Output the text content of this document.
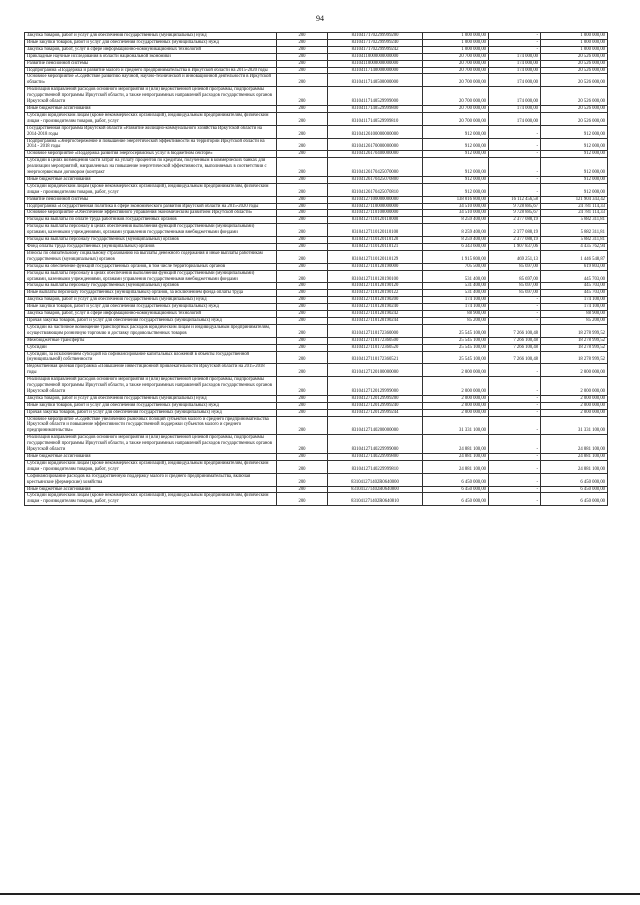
94
Закупка товаров, работ и услуг для обеспечения государственных (муниципальных) нужд	200	83104171702299999200	1 000 000,00	-	1 000 000,00
Иные закупки товаров, работ и услуг для обеспечения государственных (муниципальных) нужд	200	83104171702299999240	1 000 000,00	-	1 000 000,00
Закупка товаров, работ, услуг в сфере информационно-коммуникационных технологий	200	83104171702299999242	1 000 000,00	-	1 000 000,00
Прикладные научные исследования в области национальной экономики	200	83104110000000000000	20 700 000,00	174 000,00	20 526 000,00
Развитие пенсионной системы	200	83104110000000000000	20 700 000,00	174 000,00	20 526 000,00
Подпрограмма «Поддержка и развитие малого и среднего предпринимательства в Иркутской области на 2015-2020 годы	200	83104117140000000000	20 700 000,00	174 000,00	20 526 000,00
Основное мероприятие «Содействие развитию научной, научно-технической и инновационной деятельности в Иркутской области»	200	83104117140500000000	20 700 000,00	174 000,00	20 526 000,00
Реализация направлений расходов основного мероприятия и (или) ведомственной целевой программы, подпрограммы государственной программы Иркутской области, а также непрограммных направлений расходов государственных органов Иркутской области	200	83104117140529999000	20 700 000,00	174 000,00	20 526 000,00
Иные бюджетные ассигнования	200	83104117140529999800	20 700 000,00	174 000,00	20 526 000,00
Субсидии юридическим лицам (кроме некоммерческих организаций), индивидуальным предпринимателям, физическим лицам - производителям товаров, работ, услуг	200	83104117140529999810	20 700 000,00	174 000,00	20 526 000,00
Государственная программа Иркутской области «Развитие жилищно-коммунального хозяйства Иркутской области на 2014-2018 годы	200	83104126100000000000	912 000,00	-	912 000,00
Подпрограмма «Энергосбережение и повышение энергетической эффективности на территории Иркутской области на 2014 - 2018 годы	200	83104126170000000000	912 000,00	-	912 000,00
Основное мероприятие «Поддержка развития энергосервисных услуг в бюджетном секторе»	200	83104126170400000000	912 000,00	-	912 000,00
Субсидии в целях возмещения части затрат на уплату процентов по кредитам, полученным в коммерческих банках для реализации мероприятий, направленных на повышение энергетической эффективности, выполняемых в соответствии с энергосервисным договором (контракт	200	83104126170425070000	912 000,00	-	912 000,00
Иные бюджетные ассигнования	200	83104126170425070800	912 000,00	-	912 000,00
Субсидии юридическим лицам (кроме некоммерческих организаций), индивидуальным предпринимателям, физическим лицам - производителям товаров, работ, услуг	200	83104126170425070810	912 000,00	-	912 000,00
Развитие пенсионной системы	200	83104127100000000000	138 016 800,00	16 112 456,58	121 904 343,42
Подпрограмма «Государственная политика в сфере экономического развития Иркутской области на 2015-2020 годы	200	83104127110000000000	34 510 000,00	9 728 885,67	24 781 114,33
Основное мероприятие «Обеспечение эффективного управления экономическим развитием Иркутской области»	200	83104127110100000000	34 510 000,00	9 728 885,67	24 781 114,33
Расходы на выплаты по оплате труда работников государственных органов	200	83104127110120110000	8 259 400,00	2 377 088,19	5 882 311,81
Расходы на выплаты персоналу в целях обеспечения выполнения функций государственными (муниципальными) органами, казенными учреждениями, органами управления государственными внебюджетными фондами	200	83104127110120110100	8 259 400,00	2 377 088,19	5 882 311,81
Расходы на выплаты персоналу государственных (муниципальных) органов	200	83104127110120110120	8 259 400,00	2 377 088,19	5 882 311,81
Фонд оплаты труда государственных (муниципальных) органов	200	83104127110120110121	6 343 600,00	1 907 837,06	4 435 762,94
Взносы по обязательному социальному страхованию на выплаты денежного содержания и иные выплаты работникам государственных (муниципальных) органов	200	83104127110120110129	1 915 800,00	469 251,13	1 446 548,87
Расходы на обеспечение функций государственных органов, в том числе территориальных органов	200	83104127110120190000	705 500,00	85 697,00	619 803,00
Расходы на выплаты персоналу в целях обеспечения выполнения функций государственными (муниципальными) органами, казенными учреждениями, органами управления государственными внебюджетными фондами	200	83104127110120190100	531 400,00	85 697,00	445 703,00
Расходы на выплаты персоналу государственных (муниципальных) органов	200	83104127110120190120	531 400,00	85 697,00	445 703,00
Иные выплаты персоналу государственных (муниципальных) органов, за исключением фонда оплаты труда	200	83104127110120190122	531 400,00	85 697,00	445 703,00
Закупка товаров, работ и услуг для обеспечения государственных (муниципальных) нужд	200	83104127110120190200	174 100,00	-	174 100,00
Иные закупки товаров, работ и услуг для обеспечения государственных (муниципальных) нужд	200	83104127110120190240	174 100,00	-	174 100,00
Закупка товаров, работ, услуг в сфере информационно-коммуникационных технологий	200	83104127110120190242	88 900,00	-	88 900,00
Прочая закупка товаров, работ и услуг для обеспечения государственных (муниципальных) нужд	200	83104127110120190244	85 200,00	-	85 200,00
Субсидии на частичное возмещение транспортных расходов юридическим лицам и индивидуальным предпринимателям, осуществляющим розничную торговлю и доставку продовольственных товаров	200	83104127110172360000	25 545 100,00	7 266 100,48	18 278 999,52
Межбюджетные трансферты	200	83104127110172360500	25 545 100,00	7 266 100,48	18 278 999,52
Субсидии	200	83104127110172360520	25 545 100,00	7 266 100,48	18 278 999,52
Субсидии, за исключением субсидий на софинансирование капитальных вложений в объекты государственной (муниципальной) собственности	200	83104127110172360521	25 545 100,00	7 266 100,48	18 278 999,52
Ведомственная целевая программа «Повышение инвестиционной привлекательности Иркутской области на 2015-2018 годы	200	83104127120100000000	2 000 000,00	-	2 000 000,00
Реализация направлений расходов основного мероприятия и (или) ведомственной целевой программы, подпрограммы государственной программы Иркутской области, а также непрограммных направлений расходов государственных органов Иркутской области	200	83104127120129999000	2 000 000,00	-	2 000 000,00
Закупка товаров, работ и услуг для обеспечения государственных (муниципальных) нужд	200	83104127120129999200	2 000 000,00	-	2 000 000,00
Иные закупки товаров, работ и услуг для обеспечения государственных (муниципальных) нужд	200	83104127120129999240	2 000 000,00	-	2 000 000,00
Прочая закупка товаров, работ и услуг для обеспечения государственных (муниципальных) нужд	200	83104127120129999244	2 000 000,00	-	2 000 000,00
Основное мероприятие «Содействие увеличению рыночных позиций субъектов малого и среднего предпринимательства Иркутской области и повышение эффективности государственной поддержки субъектов малого и среднего предпринимательства»	200	83104127140200000000	31 331 100,00	-	31 331 100,00
Реализация направлений расходов основного мероприятия и (или) ведомственной целевой программы, подпрограммы государственной программы Иркутской области, а также непрограммных направлений расходов государственных органов Иркутской области	200	83104127140229999000	24 881 100,00	-	24 881 100,00
Иные бюджетные ассигнования	200	83104127140229999800	24 881 100,00	-	24 881 100,00
Субсидии юридическим лицам (кроме некоммерческих организаций), индивидуальным предпринимателям, физическим лицам - производителям товаров, работ, услуг	200	83104127140229999810	24 881 100,00	-	24 881 100,00
Софинансирование расходов на государственную поддержку малого и среднего предпринимательства, включая крестьянские (фермерские) хозяйства	200	831041271402R0640000	6 450 000,00	-	6 450 000,00
Иные бюджетные ассигнования	200	831041271402R0640800	6 450 000,00	-	6 450 000,00
Субсидии юридическим лицам (кроме некоммерческих организаций), индивидуальным предпринимателям, физическим лицам - производителям товаров, работ, услуг	200	831041271402R0640810	6 450 000,00	-	6 450 000,00
